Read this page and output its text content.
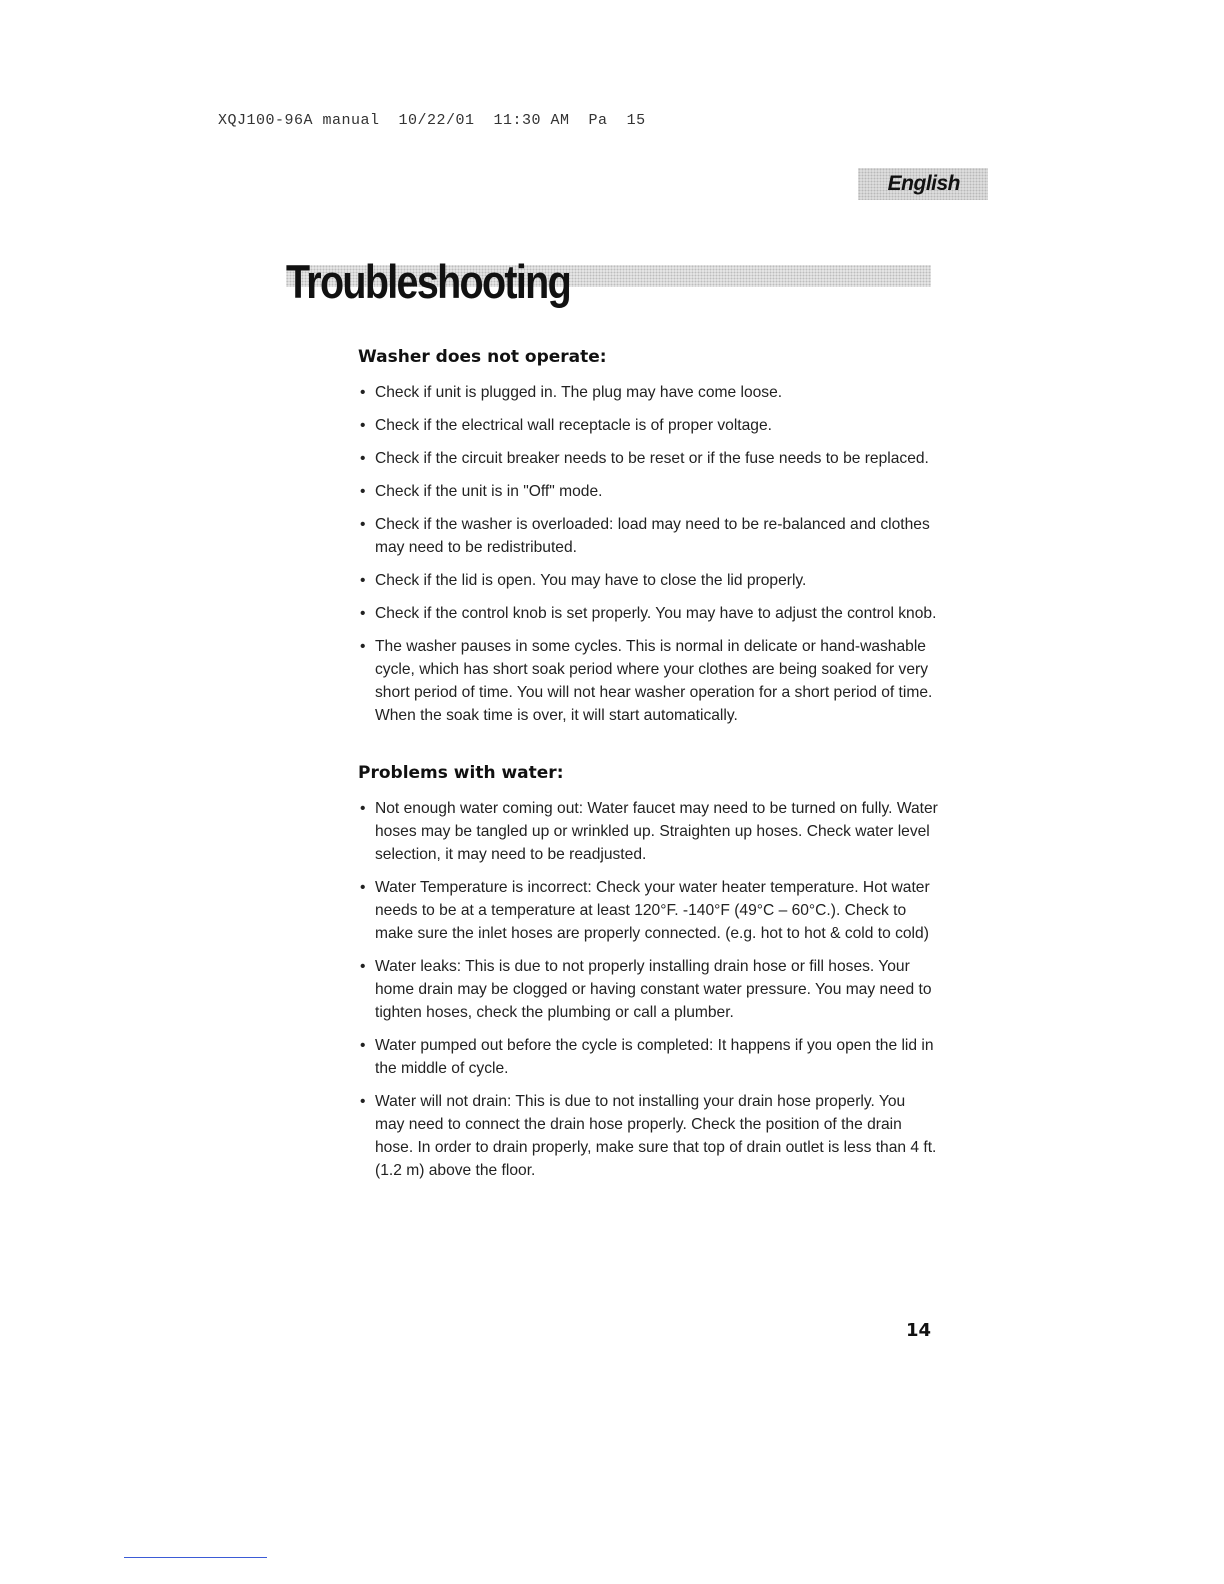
XQJ100-96A manual  10/22/01  11:30 AM  Pa  15
English
Troubleshooting
Washer does not operate:
• Check if unit is plugged in. The plug may have come loose.
• Check if the electrical wall receptacle is of proper voltage.
• Check if the circuit breaker needs to be reset or if the fuse needs to be replaced.
• Check if the unit is in "Off" mode.
• Check if the washer is overloaded: load may need to be re-balanced and clothes may need to be redistributed.
• Check if the lid is open. You may have to close the lid properly.
• Check if the control knob is set properly. You may have to adjust the control knob.
• The washer pauses in some cycles. This is normal in delicate or hand-washable cycle, which has short soak period where your clothes are being soaked for very short period of time. You will not hear washer operation for a short period of time. When the soak time is over, it will start automatically.
Problems with water:
• Not enough water coming out: Water faucet may need to be turned on fully. Water hoses may be tangled up or wrinkled up. Straighten up hoses. Check water level selection, it may need to be readjusted.
• Water Temperature is incorrect: Check your water heater temperature. Hot water needs to be at a temperature at least 120°F. -140°F (49°C – 60°C.). Check to make sure the inlet hoses are properly connected. (e.g. hot to hot & cold to cold)
• Water leaks: This is due to not properly installing drain hose or fill hoses. Your home drain may be clogged or having constant water pressure. You may need to tighten hoses, check the plumbing or call a plumber.
• Water pumped out before the cycle is completed: It happens if you open the lid in the middle of cycle.
• Water will not drain: This is due to not installing your drain hose properly. You may need to connect the drain hose properly. Check the position of the drain hose. In order to drain properly, make sure that top of drain outlet is less than 4 ft. (1.2 m) above the floor.
14
